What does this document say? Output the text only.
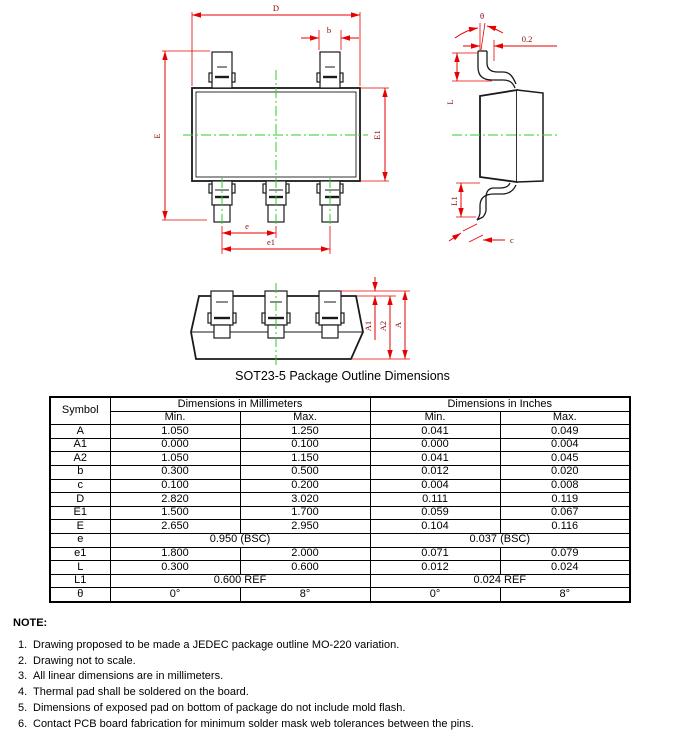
D
b
E	E1
e
e1
θ
0.2
L
L1
c
A1 A2 A
SOT23-5 Package Outline Dimensions
Symbol	Dimensions in Millimeters		Dimensions in Inches	
	Min.	Max.	Min.	Max.
A	1.050	1.250	0.041	0.049
A1	0.000	0.100	0.000	0.004
A2	1.050	1.150	0.041	0.045
b	0.300	0.500	0.012	0.020
c	0.100	0.200	0.004	0.008
D	2.820	3.020	0.111	0.119
E1	1.500	1.700	0.059	0.067
E	2.650	2.950	0.104	0.116
e	0.950 (BSC)		0.037 (BSC)	
e1	1.800	2.000	0.071	0.079
L	0.300	0.600	0.012	0.024
L1	0.600 REF		0.024 REF	
θ	0°	8°	0°	8°
NOTE:
1. Drawing proposed to be made a JEDEC package outline MO-220 variation.
2. Drawing not to scale.
3. All linear dimensions are in millimeters.
4. Thermal pad shall be soldered on the board.
5. Dimensions of exposed pad on bottom of package do not include mold flash.
6. Contact PCB board fabrication for minimum solder mask web tolerances between the pins.
